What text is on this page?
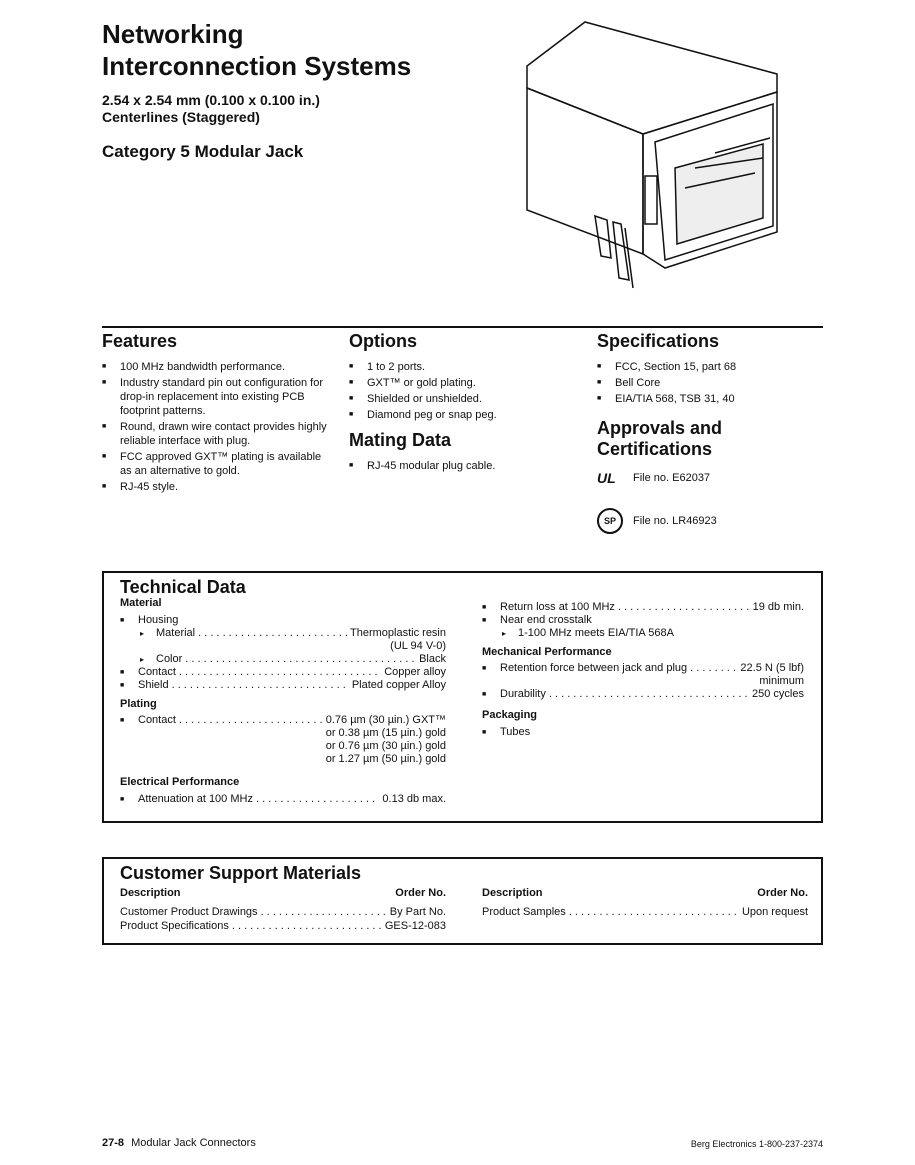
Networking
Interconnection Systems
2.54 x 2.54 mm (0.100 x 0.100 in.)
Centerlines (Staggered)
Category 5 Modular Jack
Features
■ 100 MHz bandwidth performance.
■ Industry standard pin out configuration for drop-in replacement into existing PCB footprint patterns.
■ Round, drawn wire contact provides highly reliable interface with plug.
■ FCC approved GXT™ plating is available as an alternative to gold.
■ RJ-45 style.
Options
■ 1 to 2 ports.
■ GXT™ or gold plating.
■ Shielded or unshielded.
■ Diamond peg or snap peg.
Mating Data
■ RJ-45 modular plug cable.
Specifications
■ FCC, Section 15, part 68
■ Bell Core
■ EIA/TIA 568, TSB 31, 40
Approvals and
Certifications
UL	File no. E62037
SP	File no. LR46923
Technical Data
Material
■ Housing
▸ Material . . .	Thermoplastic resin
(UL 94 V-0)
▸ Color . . .	Black
■ Contact . . .	Copper alloy
■ Shield . . .	Plated copper Alloy
Plating
■ Contact . . .	0.76 µm (30 µin.) GXT™
or 0.38 µm (15 µin.) gold
or 0.76 µm (30 µin.) gold
or 1.27 µm (50 µin.) gold
Electrical Performance
■ Attenuation at 100 MHz . . .	0.13 db max.
■ Return loss at 100 MHz . . .	19 db min.
■ Near end crosstalk
▸ 1-100 MHz meets EIA/TIA 568A
Mechanical Performance
■ Retention force between jack and plug . . .	22.5 N (5 lbf)
minimum
■ Durability . . .	250 cycles
Packaging
■ Tubes
Customer Support Materials
Description	Order No.
Customer Product Drawings . . .	By Part No.
Product Specifications . . .	GES-12-083
Description	Order No.
Product Samples . . .	Upon request
27-8 Modular Jack Connectors	Berg Electronics 1-800-237-2374
